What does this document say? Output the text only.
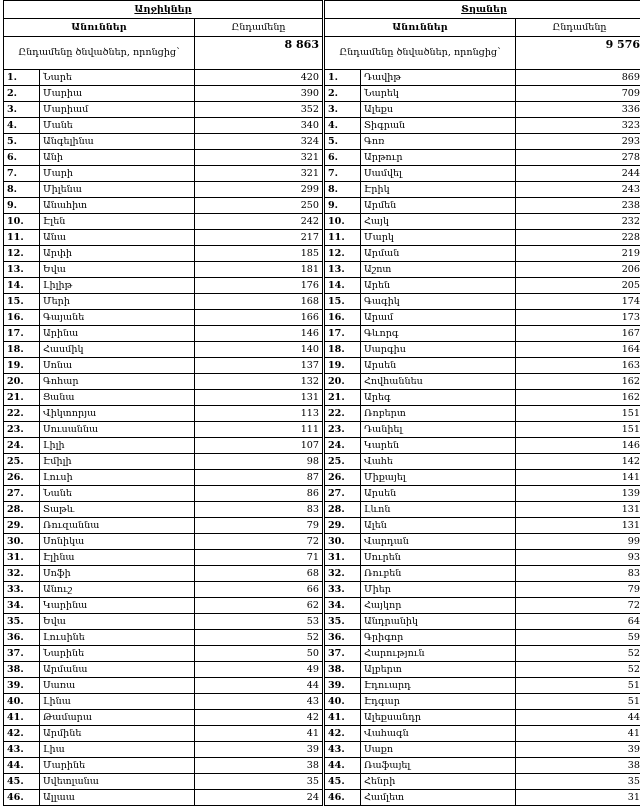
Աղջիկներ				Տղաներ		
Անուններ		Ընդամենը		Անուններ		Ընդամենը
Ընդամենը ծնվածներ, որոնցից՝		8 863		Ընդամենը ծնվածներ, որոնցից՝		9 576
1.	Նարե	420		1.	Դավիթ	869
2.	Մարիա	390		2.	Նարեկ	709
3.	Մարիամ	352		3.	Ալեքս	336
4.	Մանե	340		4.	Տիգրան	323
5.	Անգելինա	324		5.	Գոռ	293
6.	Անի	321		6.	Արթուր	278
7.	Մարի	321		7.	Սամվել	244
8.	Միլենա	299		8.	Էրիկ	243
9.	Անահիտ	250		9.	Արմեն	238
10.	Էլեն	242		10.	Հայկ	232
11.	Անա	217		11.	Մարկ	228
12.	Արփի	185		12.	Արման	219
13.	Եվա	181		13.	Աշոտ	206
14.	Լիլիթ	176		14.	Արեն	205
15.	Մերի	168		15.	Գագիկ	174
16.	Գայանե	166		16.	Արամ	173
17.	Արինա	146		17.	Գևորգ	167
18.	Հասմիկ	140		18.	Սարգիս	164
19.	Սոնա	137		19.	Արսեն	163
20.	Գոհար	132		20.	Հովհաննես	162
21.	Ցանա	131		21.	Արեգ	162
22.	Վիկտորյա	113		22.	Ռոբերտ	151
23.	Սուսաննա	111		23.	Դանիել	151
24.	Լիլի	107		24.	Կարեն	146
25.	Էմիլի	98		25.	Վահե	142
26.	Լուսի	87		26.	Միքայել	141
27.	Նանե	86		27.	Արսեն	139
28.	Տաթև	83		28.	Լևոն	131
29.	Ռուզաննա	79		29.	Ալեն	131
30.	Սոնիկա	72		30.	Վարդան	99
31.	Էլինա	71		31.	Սուրեն	93
32.	Սոֆի	68		32.	Ռուբեն	83
33.	Անուշ	66		33.	Միեր	79
34.	Կարինա	62		34.	Հայկոր	72
35.	Եվա	53		35.	Անդրանիկ	64
36.	Լուսինե	52		36.	Գրիգոր	59
37.	Նարինե	50		37.	Հարություն	52
38.	Արմանա	49		38.	Ալբերտ	52
39.	Սառա	44		39.	Էդուարդ	51
40.	Լինա	43		40.	Էդգար	51
41.	Թամարա	42		41.	Ալեքսանդր	44
42.	Արմինե	41		42.	Վահագն	41
43.	Լիա	39		43.	Սաքո	39
44.	Մարինե	38		44.	Ռաֆայել	38
45.	Սվետլանա	35		45.	Հենրի	35
46.	Ալլաա	24		46.	Համլետ	31
